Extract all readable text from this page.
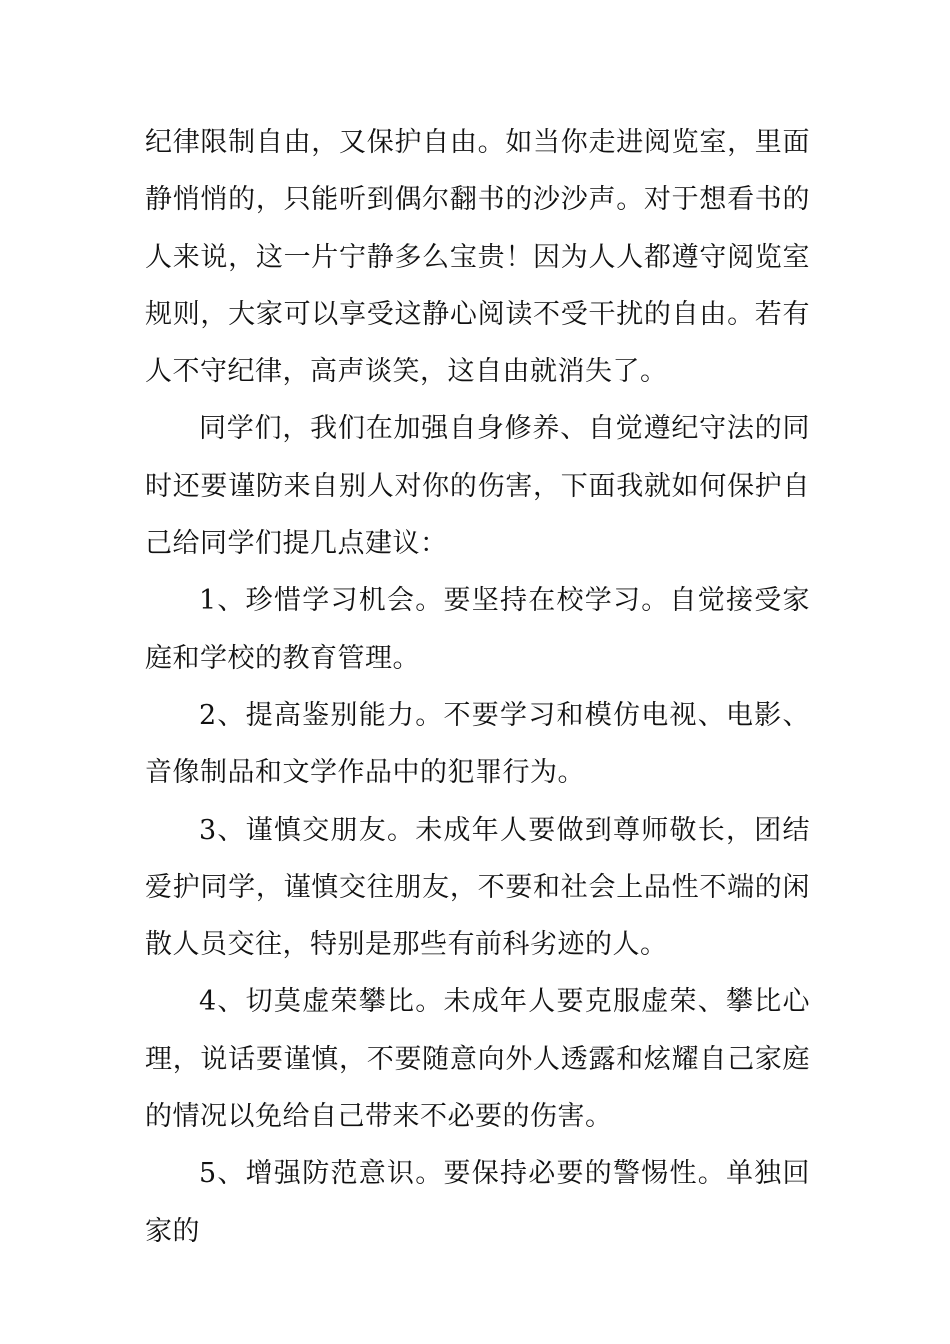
纪律限制自由，又保护自由。如当你走进阅览室，里面静悄悄的，只能听到偶尔翻书的沙沙声。对于想看书的人来说，这一片宁静多么宝贵！因为人人都遵守阅览室规则，大家可以享受这静心阅读不受干扰的自由。若有人不守纪律，高声谈笑，这自由就消失了。

同学们，我们在加强自身修养、自觉遵纪守法的同时还要谨防来自别人对你的伤害，下面我就如何保护自己给同学们提几点建议：

1、珍惜学习机会。要坚持在校学习。自觉接受家庭和学校的教育管理。

2、提高鉴别能力。不要学习和模仿电视、电影、音像制品和文学作品中的犯罪行为。

3、谨慎交朋友。未成年人要做到尊师敬长，团结爱护同学，谨慎交往朋友，不要和社会上品性不端的闲散人员交往，特别是那些有前科劣迹的人。

4、切莫虚荣攀比。未成年人要克服虚荣、攀比心理，说话要谨慎，不要随意向外人透露和炫耀自己家庭的情况以免给自己带来不必要的伤害。

5、增强防范意识。要保持必要的警惕性。单独回家的
